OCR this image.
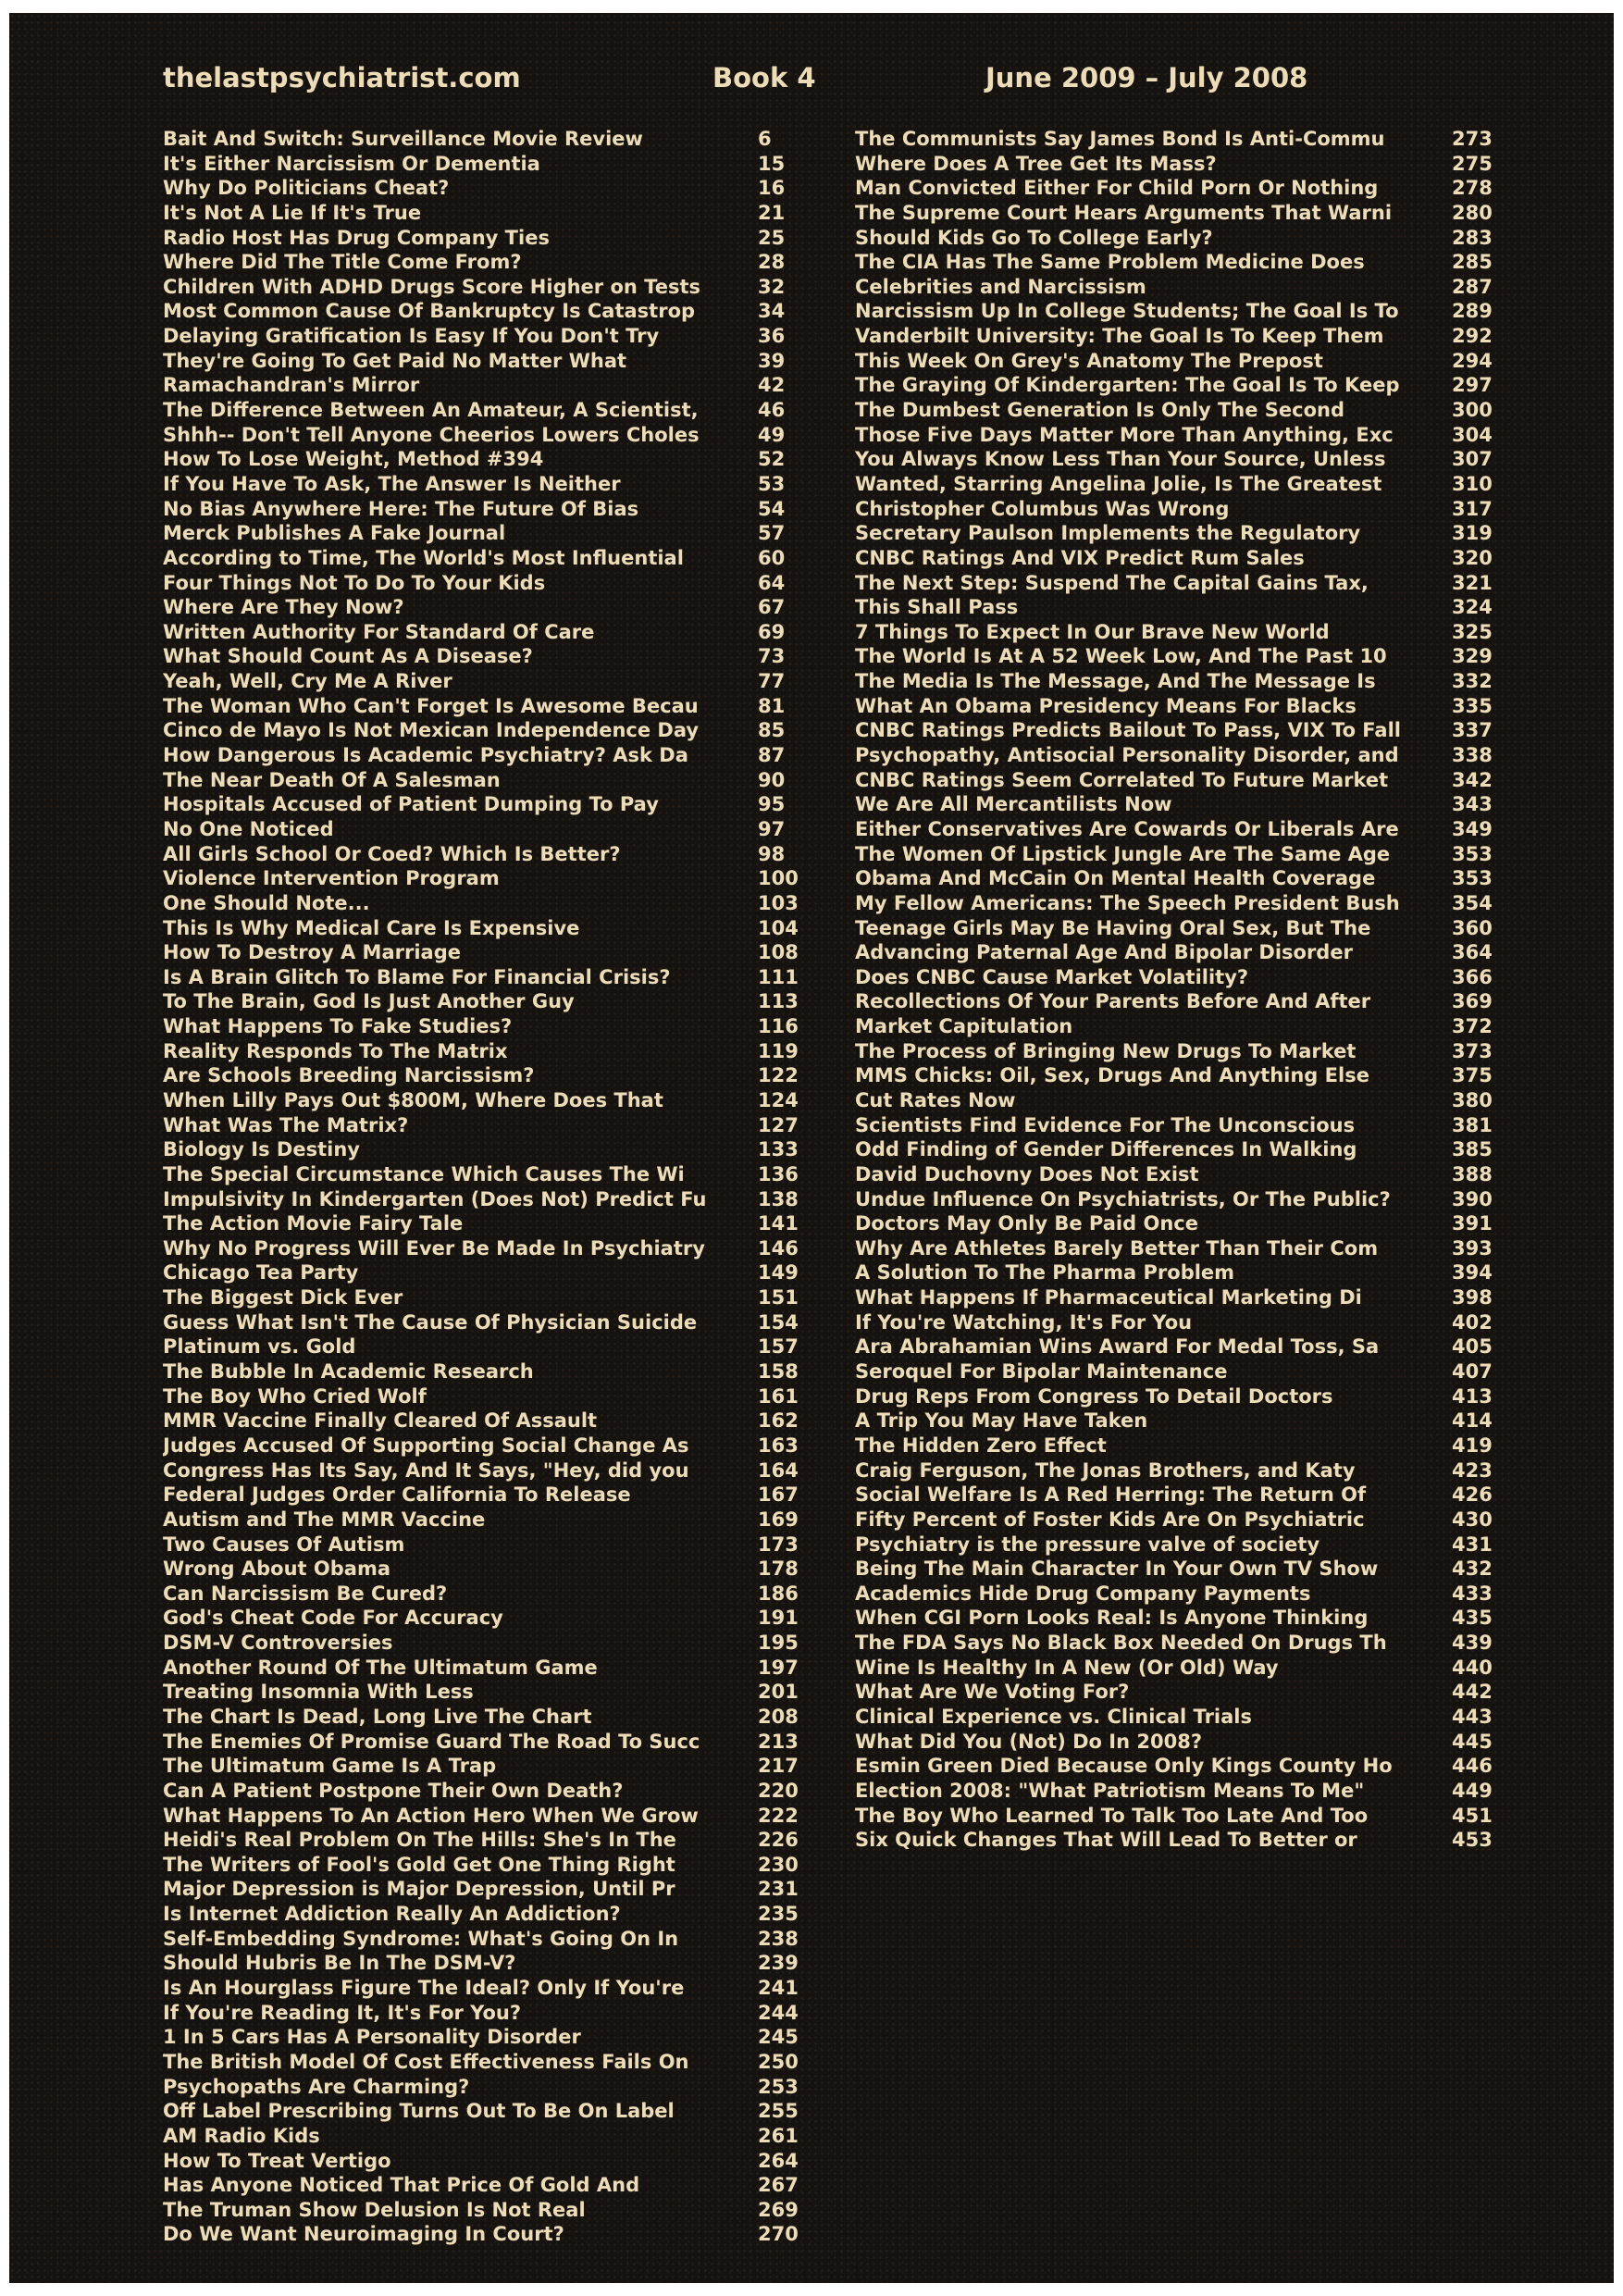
thelastpsychiatrist.com	Book 4	June 2009 – July 2008
Bait And Switch: Surveillance Movie Review	6
It's Either Narcissism Or Dementia	15
Why Do Politicians Cheat?	16
It's Not A Lie If It's True	21
Radio Host Has Drug Company Ties	25
Where Did The Title Come From?	28
Children With ADHD Drugs Score Higher on Tests	32
Most Common Cause Of Bankruptcy Is Catastrop	34
Delaying Gratification Is Easy If You Don't Try	36
They're Going To Get Paid No Matter What	39
Ramachandran's Mirror	42
The Difference Between An Amateur, A Scientist,	46
Shhh-- Don't Tell Anyone Cheerios Lowers Choles	49
How To Lose Weight, Method #394	52
If You Have To Ask, The Answer Is Neither	53
No Bias Anywhere Here: The Future Of Bias	54
Merck Publishes A Fake Journal	57
According to Time, The World's Most Influential	60
Four Things Not To Do To Your Kids	64
Where Are They Now?	67
Written Authority For Standard Of Care	69
What Should Count As A Disease?	73
Yeah, Well, Cry Me A River	77
The Woman Who Can't Forget Is Awesome Becau	81
Cinco de Mayo Is Not Mexican Independence Day	85
How Dangerous Is Academic Psychiatry? Ask Da	87
The Near Death Of A Salesman	90
Hospitals Accused of Patient Dumping To Pay	95
No One Noticed	97
All Girls School Or Coed? Which Is Better?	98
Violence Intervention Program	100
One Should Note...	103
This Is Why Medical Care Is Expensive	104
How To Destroy A Marriage	108
Is A Brain Glitch To Blame For Financial Crisis?	111
To The Brain, God Is Just Another Guy	113
What Happens To Fake Studies?	116
Reality Responds To The Matrix	119
Are Schools Breeding Narcissism?	122
When Lilly Pays Out $800M, Where Does That	124
What Was The Matrix?	127
Biology Is Destiny	133
The Special Circumstance Which Causes The Wi	136
Impulsivity In Kindergarten (Does Not) Predict Fu	138
The Action Movie Fairy Tale	141
Why No Progress Will Ever Be Made In Psychiatry	146
Chicago Tea Party	149
The Biggest Dick Ever	151
Guess What Isn't The Cause Of Physician Suicide	154
Platinum vs. Gold	157
The Bubble In Academic Research	158
The Boy Who Cried Wolf	161
MMR Vaccine Finally Cleared Of Assault	162
Judges Accused Of Supporting Social Change As	163
Congress Has Its Say, And It Says, "Hey, did you	164
Federal Judges Order California To Release	167
Autism and The MMR Vaccine	169
Two Causes Of Autism	173
Wrong About Obama	178
Can Narcissism Be Cured?	186
God's Cheat Code For Accuracy	191
DSM-V Controversies	195
Another Round Of The Ultimatum Game	197
Treating Insomnia With Less	201
The Chart Is Dead, Long Live The Chart	208
The Enemies Of Promise Guard The Road To Succ	213
The Ultimatum Game Is A Trap	217
Can A Patient Postpone Their Own Death?	220
What Happens To An Action Hero When We Grow	222
Heidi's Real Problem On The Hills: She's In The	226
The Writers of Fool's Gold Get One Thing Right	230
Major Depression is Major Depression, Until Pr	231
Is Internet Addiction Really An Addiction?	235
Self-Embedding Syndrome: What's Going On In	238
Should Hubris Be In The DSM-V?	239
Is An Hourglass Figure The Ideal? Only If You're	241
If You're Reading It, It's For You?	244
1 In 5 Cars Has A Personality Disorder	245
The British Model Of Cost Effectiveness Fails On	250
Psychopaths Are Charming?	253
Off Label Prescribing Turns Out To Be On Label	255
AM Radio Kids	261
How To Treat Vertigo	264
Has Anyone Noticed That Price Of Gold And	267
The Truman Show Delusion Is Not Real	269
Do We Want Neuroimaging In Court?	270
The Communists Say James Bond Is Anti-Commu	273
Where Does A Tree Get Its Mass?	275
Man Convicted Either For Child Porn Or Nothing	278
The Supreme Court Hears Arguments That Warni	280
Should Kids Go To College Early?	283
The CIA Has The Same Problem Medicine Does	285
Celebrities and Narcissism	287
Narcissism Up In College Students; The Goal Is To	289
Vanderbilt University: The Goal Is To Keep Them	292
This Week On Grey's Anatomy The Prepost	294
The Graying Of Kindergarten: The Goal Is To Keep	297
The Dumbest Generation Is Only The Second	300
Those Five Days Matter More Than Anything, Exc	304
You Always Know Less Than Your Source, Unless	307
Wanted, Starring Angelina Jolie, Is The Greatest	310
Christopher Columbus Was Wrong	317
Secretary Paulson Implements the Regulatory	319
CNBC Ratings And VIX Predict Rum Sales	320
The Next Step: Suspend The Capital Gains Tax,	321
This Shall Pass	324
7 Things To Expect In Our Brave New World	325
The World Is At A 52 Week Low, And The Past 10	329
The Media Is The Message, And The Message Is	332
What An Obama Presidency Means For Blacks	335
CNBC Ratings Predicts Bailout To Pass, VIX To Fall	337
Psychopathy, Antisocial Personality Disorder, and	338
CNBC Ratings Seem Correlated To Future Market	342
We Are All Mercantilists Now	343
Either Conservatives Are Cowards Or Liberals Are	349
The Women Of Lipstick Jungle Are The Same Age	353
Obama And McCain On Mental Health Coverage	353
My Fellow Americans: The Speech President Bush	354
Teenage Girls May Be Having Oral Sex, But The	360
Advancing Paternal Age And Bipolar Disorder	364
Does CNBC Cause Market Volatility?	366
Recollections Of Your Parents Before And After	369
Market Capitulation	372
The Process of Bringing New Drugs To Market	373
MMS Chicks: Oil, Sex, Drugs And Anything Else	375
Cut Rates Now	380
Scientists Find Evidence For The Unconscious	381
Odd Finding of Gender Differences In Walking	385
David Duchovny Does Not Exist	388
Undue Influence On Psychiatrists, Or The Public?	390
Doctors May Only Be Paid Once	391
Why Are Athletes Barely Better Than Their Com	393
A Solution To The Pharma Problem	394
What Happens If Pharmaceutical Marketing Di	398
If You're Watching, It's For You	402
Ara Abrahamian Wins Award For Medal Toss, Sa	405
Seroquel For Bipolar Maintenance	407
Drug Reps From Congress To Detail Doctors	413
A Trip You May Have Taken	414
The Hidden Zero Effect	419
Craig Ferguson, The Jonas Brothers, and Katy	423
Social Welfare Is A Red Herring: The Return Of	426
Fifty Percent of Foster Kids Are On Psychiatric	430
Psychiatry is the pressure valve of society	431
Being The Main Character In Your Own TV Show	432
Academics Hide Drug Company Payments	433
When CGI Porn Looks Real: Is Anyone Thinking	435
The FDA Says No Black Box Needed On Drugs Th	439
Wine Is Healthy In A New (Or Old) Way	440
What Are We Voting For?	442
Clinical Experience vs. Clinical Trials	443
What Did You (Not) Do In 2008?	445
Esmin Green Died Because Only Kings County Ho	446
Election 2008: "What Patriotism Means To Me"	449
The Boy Who Learned To Talk Too Late And Too	451
Six Quick Changes That Will Lead To Better or	453
